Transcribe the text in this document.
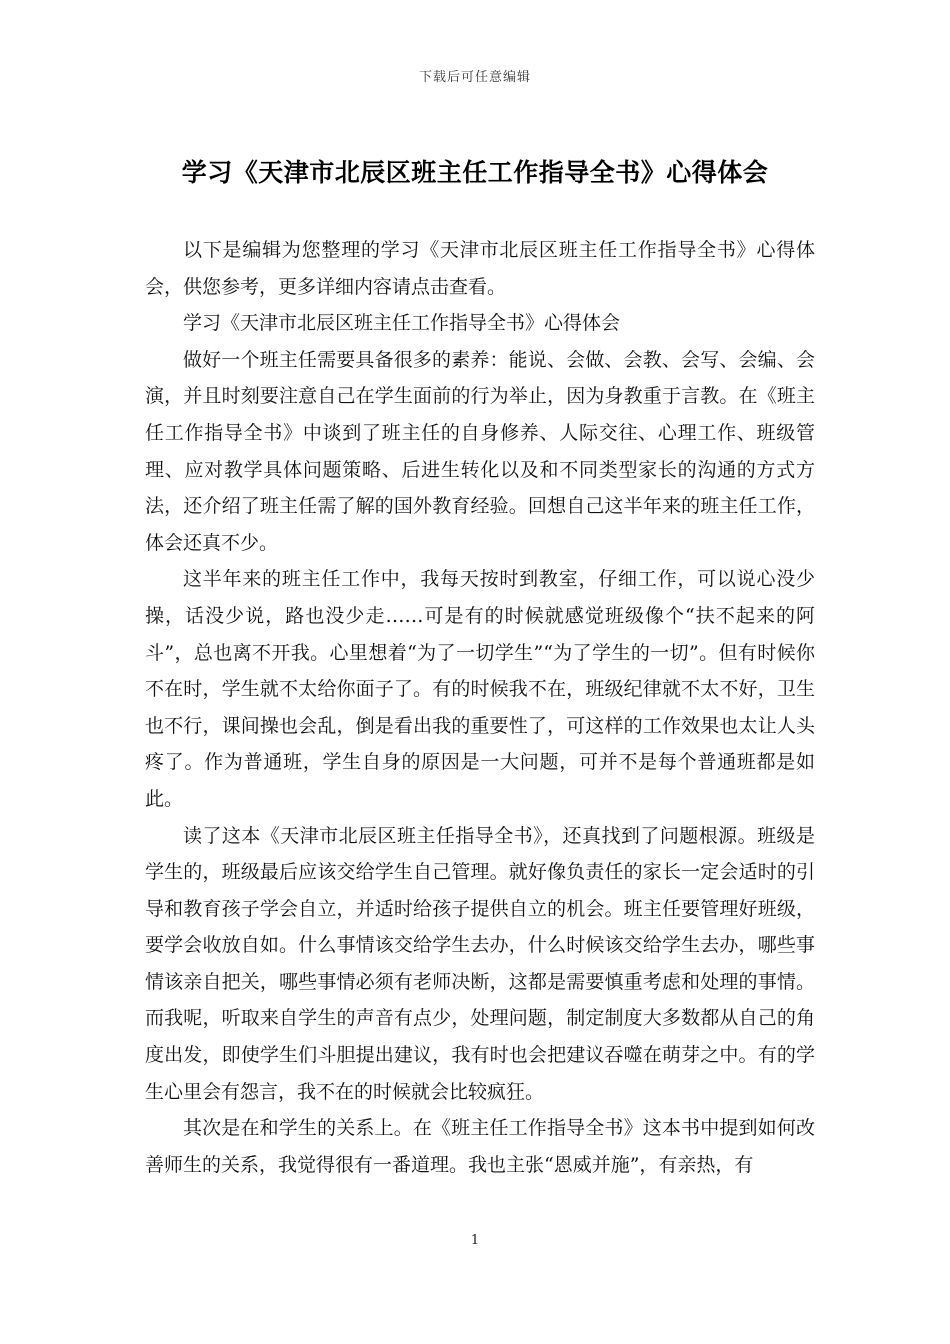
下载后可任意编辑
学习《天津市北辰区班主任工作指导全书》心得体会

以下是编辑为您整理的学习《天津市北辰区班主任工作指导全书》心得体会，供您参考，更多详细内容请点击查看。

学习《天津市北辰区班主任工作指导全书》心得体会

做好一个班主任需要具备很多的素养：能说、会做、会教、会写、会编、会演，并且时刻要注意自己在学生面前的行为举止，因为身教重于言教。在《班主任工作指导全书》中谈到了班主任的自身修养、人际交往、心理工作、班级管理、应对教学具体问题策略、后进生转化以及和不同类型家长的沟通的方式方法，还介绍了班主任需了解的国外教育经验。回想自己这半年来的班主任工作，体会还真不少。

这半年来的班主任工作中，我每天按时到教室，仔细工作，可以说心没少操，话没少说，路也没少走……可是有的时候就感觉班级像个“扶不起来的阿斗”，总也离不开我。心里想着“为了一切学生”“为了学生的一切”。但有时候你不在时，学生就不太给你面子了。有的时候我不在，班级纪律就不太不好，卫生也不行，课间操也会乱，倒是看出我的重要性了，可这样的工作效果也太让人头疼了。作为普通班，学生自身的原因是一大问题，可并不是每个普通班都是如此。

读了这本《天津市北辰区班主任指导全书》，还真找到了问题根源。班级是学生的，班级最后应该交给学生自己管理。就好像负责任的家长一定会适时的引导和教育孩子学会自立，并适时给孩子提供自立的机会。班主任要管理好班级，要学会收放自如。什么事情该交给学生去办，什么时候该交给学生去办，哪些事情该亲自把关，哪些事情必须有老师决断，这都是需要慎重考虑和处理的事情。而我呢，听取来自学生的声音有点少，处理问题，制定制度大多数都从自己的角度出发，即使学生们斗胆提出建议，我有时也会把建议吞噬在萌芽之中。有的学生心里会有怨言，我不在的时候就会比较疯狂。

其次是在和学生的关系上。在《班主任工作指导全书》这本书中提到如何改善师生的关系，我觉得很有一番道理。我也主张“恩威并施”，有亲热，有

1
